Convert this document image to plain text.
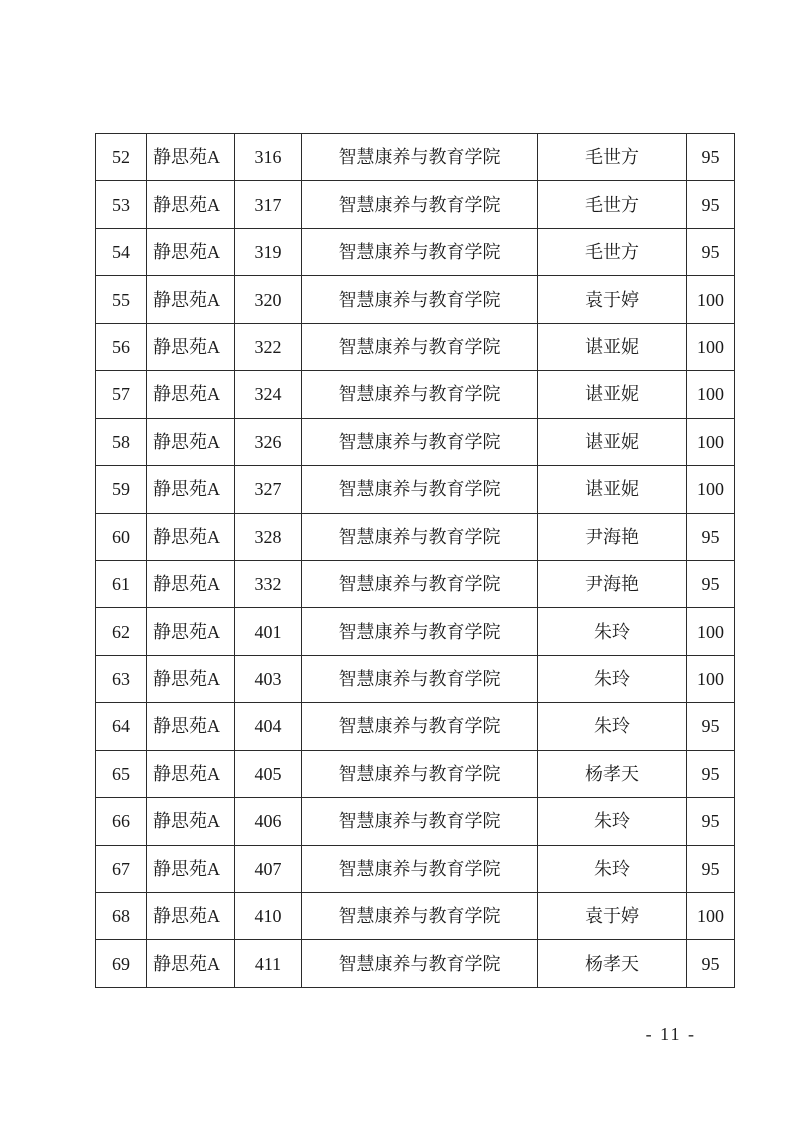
52	静思苑A	316	智慧康养与教育学院	毛世方	95
53	静思苑A	317	智慧康养与教育学院	毛世方	95
54	静思苑A	319	智慧康养与教育学院	毛世方	95
55	静思苑A	320	智慧康养与教育学院	袁于婷	100
56	静思苑A	322	智慧康养与教育学院	谌亚妮	100
57	静思苑A	324	智慧康养与教育学院	谌亚妮	100
58	静思苑A	326	智慧康养与教育学院	谌亚妮	100
59	静思苑A	327	智慧康养与教育学院	谌亚妮	100
60	静思苑A	328	智慧康养与教育学院	尹海艳	95
61	静思苑A	332	智慧康养与教育学院	尹海艳	95
62	静思苑A	401	智慧康养与教育学院	朱玲	100
63	静思苑A	403	智慧康养与教育学院	朱玲	100
64	静思苑A	404	智慧康养与教育学院	朱玲	95
65	静思苑A	405	智慧康养与教育学院	杨孝天	95
66	静思苑A	406	智慧康养与教育学院	朱玲	95
67	静思苑A	407	智慧康养与教育学院	朱玲	95
68	静思苑A	410	智慧康养与教育学院	袁于婷	100
69	静思苑A	411	智慧康养与教育学院	杨孝天	95
- 11 -
